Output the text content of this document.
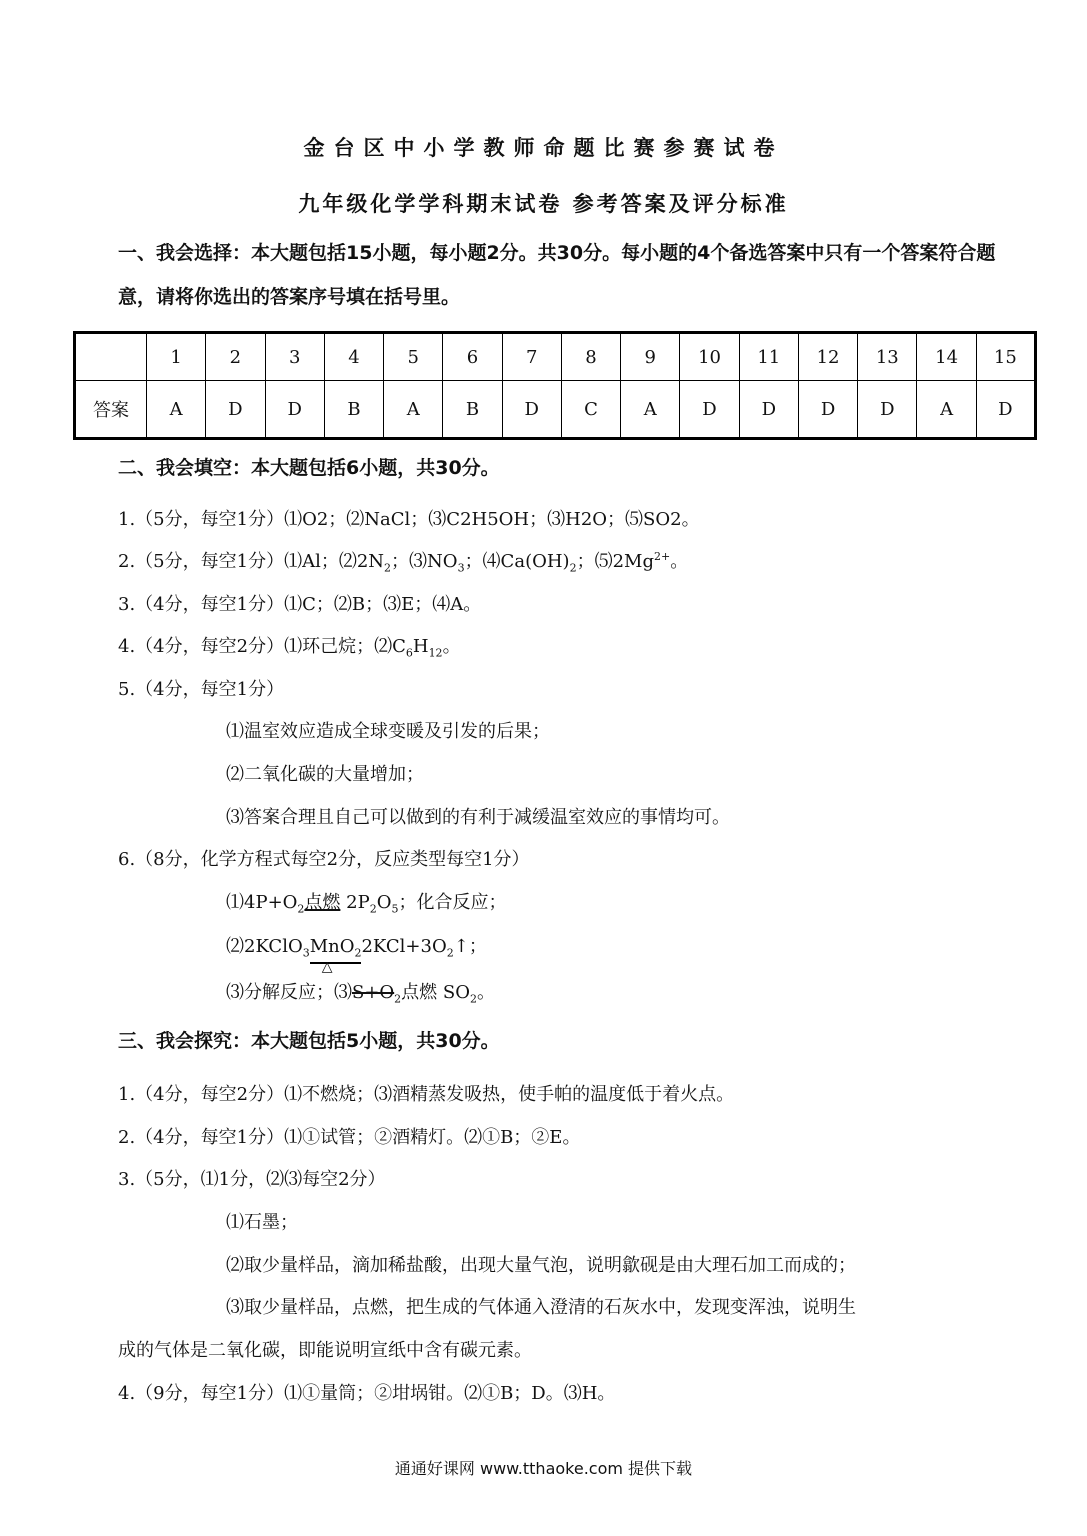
金台区中小学教师命题比赛参赛试卷
九年级化学学科期末试卷 参考答案及评分标准
一、我会选择：本大题包括15小题，每小题2分。共30分。每小题的4个备选答案中只有一个答案符合题意，请将你选出的答案序号填在括号里。
	1	2	3	4	5	6	7	8	9	10	11	12	13	14	15
答案	A	D	D	B	A	B	D	C	A	D	D	D	D	A	D
二、我会填空：本大题包括6小题，共30分。
1.（5分，每空1分）⑴O2；⑵NaCl；⑶C2H5OH；⑶H2O；⑸SO2。
2.（5分，每空1分）⑴Al；$⑵2N_2$；$⑶NO_3$；$⑷Ca(OH)_2$；$⑸2Mg^{2+}$。
3.（4分，每空1分）⑴C；⑵B；⑶E；⑷A。
4.（4分，每空2分）⑴环己烷；$⑵C_6H_{12}$。
5.（4分，每空1分）
⑴温室效应造成全球变暖及引发的后果；
⑵二氧化碳的大量增加；
⑶答案合理且自己可以做到的有利于减缓温室效应的事情均可。
6.（8分，化学方程式每空2分，反应类型每空1分）
$⑴4P+O_2$点燃 $2P_2O_5$；化合反应；
⑵2KClO$_3$MnO$_2$
△
$2KCl+3O_2↑$；
⑶分解反应；$⑶S+O_2$点燃 $SO_2$。
三、我会探究：本大题包括5小题，共30分。
1.（4分，每空2分）⑴不燃烧；⑶酒精蒸发吸热，使手帕的温度低于着火点。
2.（4分，每空1分）⑴①试管；②酒精灯。⑵①B；②E。
3.（5分，⑴1分，⑵⑶每空2分）
⑴石墨；
⑵取少量样品，滴加稀盐酸，出现大量气泡，说明歙砚是由大理石加工而成的；
⑶取少量样品，点燃，把生成的气体通入澄清的石灰水中，发现变浑浊，说明生
成的气体是二氧化碳，即能说明宣纸中含有碳元素。
4.（9分，每空1分）⑴①量筒；②坩埚钳。⑵①B；D。⑶H。
通通好课网 www.tthaoke.com 提供下载
